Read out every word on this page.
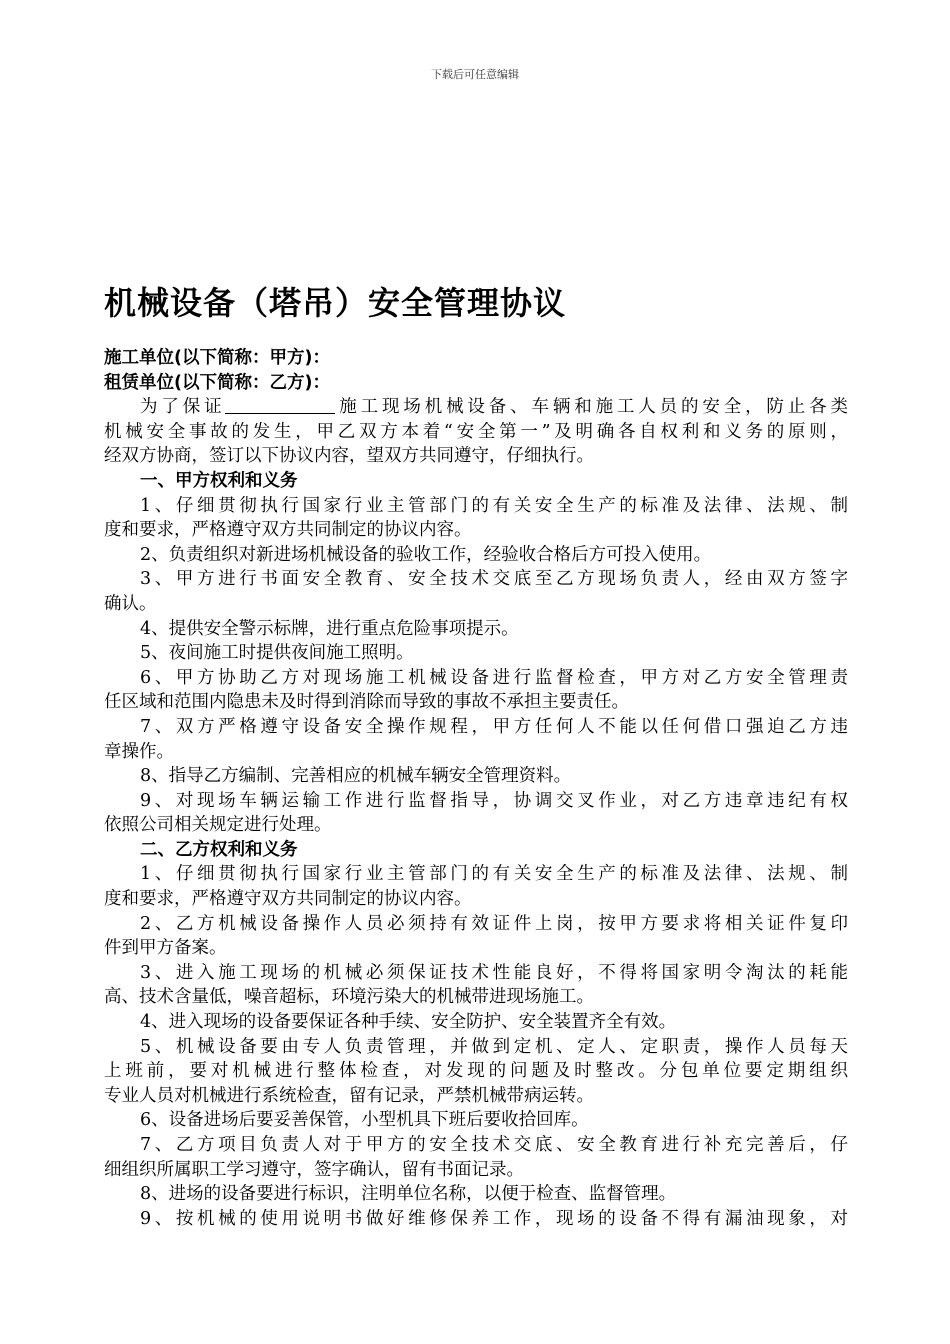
下载后可任意编辑
机械设备（塔吊）安全管理协议
施工单位(以下简称：甲方)：
租赁单位(以下简称：乙方)：
为了保证	施工现场机械设备、车辆和施工人员的安全，防止各类
机械安全事故的发生，甲乙双方本着“安全第一”及明确各自权利和义务的原则，
经双方协商，签订以下协议内容，望双方共同遵守，仔细执行。
一、甲方权利和义务
1、仔细贯彻执行国家行业主管部门的有关安全生产的标准及法律、法规、制
度和要求，严格遵守双方共同制定的协议内容。
2、负责组织对新进场机械设备的验收工作，经验收合格后方可投入使用。
3、甲方进行书面安全教育、安全技术交底至乙方现场负责人，经由双方签字
确认。
4、提供安全警示标牌，进行重点危险事项提示。
5、夜间施工时提供夜间施工照明。
6、甲方协助乙方对现场施工机械设备进行监督检查，甲方对乙方安全管理责
任区域和范围内隐患未及时得到消除而导致的事故不承担主要责任。
7、双方严格遵守设备安全操作规程，甲方任何人不能以任何借口强迫乙方违
章操作。
8、指导乙方编制、完善相应的机械车辆安全管理资料。
9、对现场车辆运输工作进行监督指导，协调交叉作业，对乙方违章违纪有权
依照公司相关规定进行处理。
二、乙方权利和义务
1、仔细贯彻执行国家行业主管部门的有关安全生产的标准及法律、法规、制
度和要求，严格遵守双方共同制定的协议内容。
2、乙方机械设备操作人员必须持有效证件上岗，按甲方要求将相关证件复印
件到甲方备案。
3、进入施工现场的机械必须保证技术性能良好，不得将国家明令淘汰的耗能
高、技术含量低，噪音超标，环境污染大的机械带进现场施工。
4、进入现场的设备要保证各种手续、安全防护、安全装置齐全有效。
5、机械设备要由专人负责管理，并做到定机、定人、定职责，操作人员每天
上班前，要对机械进行整体检查，对发现的问题及时整改。分包单位要定期组织
专业人员对机械进行系统检查，留有记录，严禁机械带病运转。
6、设备进场后要妥善保管，小型机具下班后要收拾回库。
7、乙方项目负责人对于甲方的安全技术交底、安全教育进行补充完善后，仔
细组织所属职工学习遵守，签字确认，留有书面记录。
8、进场的设备要进行标识，注明单位名称，以便于检查、监督管理。
9、按机械的使用说明书做好维修保养工作，现场的设备不得有漏油现象，对
